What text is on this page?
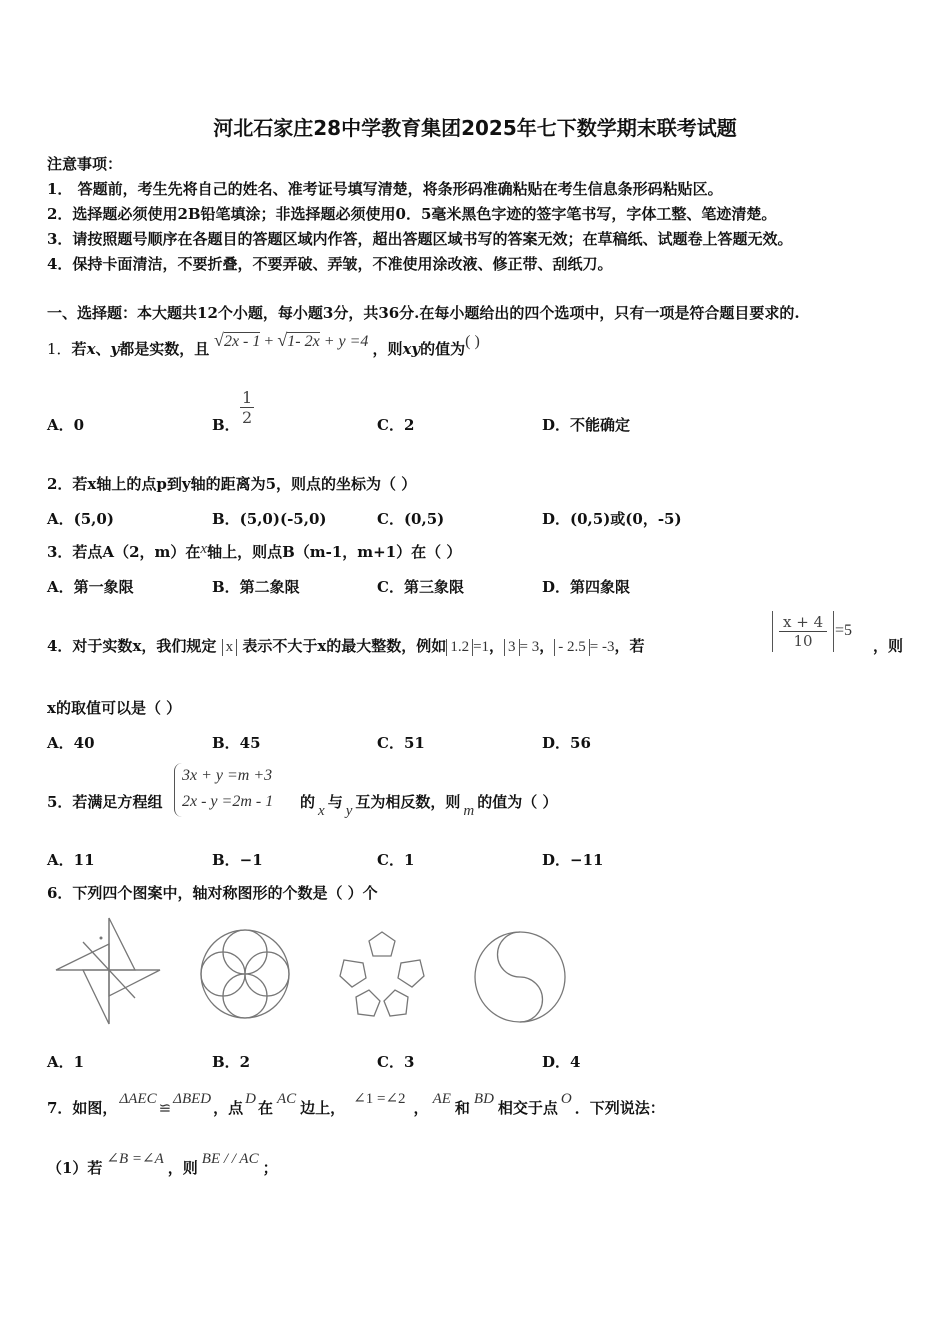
河北石家庄28中学教育集团2025年七下数学期末联考试题
注意事项：
1． 答题前，考生先将自己的姓名、准考证号填写清楚，将条形码准确粘贴在考生信息条形码粘贴区。
2．选择题必须使用2B铅笔填涂；非选择题必须使用0．5毫米黑色字迹的签字笔书写，字体工整、笔迹清楚。
3．请按照题号顺序在各题目的答题区域内作答，超出答题区域书写的答案无效；在草稿纸、试题卷上答题无效。
4．保持卡面清洁，不要折叠，不要弄破、弄皱，不准使用涂改液、修正带、刮纸刀。
一、选择题：本大题共12个小题，每小题3分，共36分.在每小题给出的四个选项中，只有一项是符合题目要求的.
1．若x、y都是实数，且 √2x - 1 + √1- 2x + y =4 ，则xy的值为( )
A．0	B． $\frac{1}{2}$	C．2	D．不能确定
2．若x轴上的点p到y轴的距离为5，则点的坐标为（ ）
A．(5,0)	B．(5,0)(-5,0)	C．(0,5)	D．(0,5)或(0，-5)
3．若点A（2，m）在x轴上，则点B（m-1，m+1）在（ ）
A．第一象限	B．第二象限	C．第三象限	D．第四象限
4．对于实数x，我们规定 x 表示不大于x的最大整数，例如 1.2 =1， 3 = 3， - 2.5 = -3，若	$\frac{x + 4}{10} =5$
，则
x的取值可以是（ ）
A．40	B．45	C．51	D．56
5．若满足方程组
3x + y =m +3
2x - y =2m - 1 的 x 与 y 互为相反数，则 m 的值为（ ）
A．11	B．−1	C．1	D．−11
6．下列四个图案中，轴对称图形的个数是（ ）个
A．1	B．2	C．3	D．4
7．如图， ΔAEC≌ΔBED ，点 D 在 AC 边上， ∠1 =∠2 ， AE 和 BD 相交于点 O ．下列说法：
（1）若 ∠B =∠A ，则 BE / / AC ；
